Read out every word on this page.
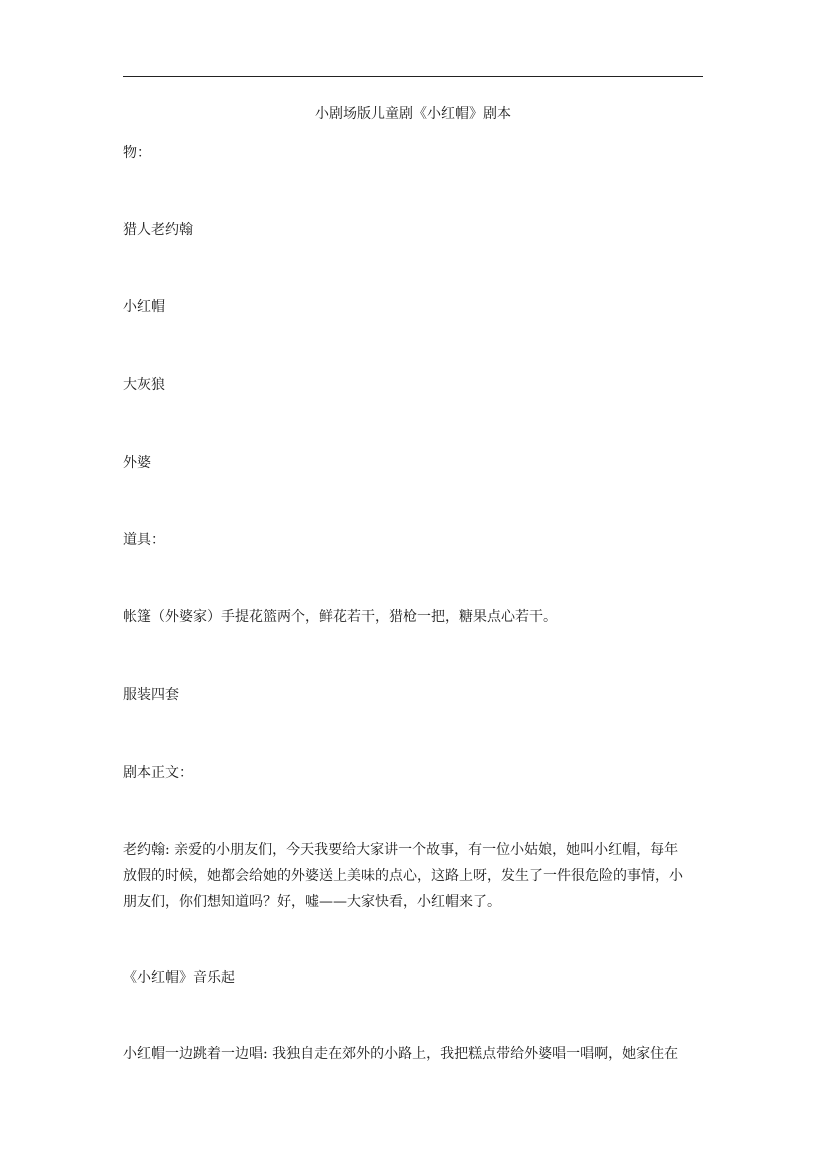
小剧场版儿童剧《小红帽》剧本
物：
猎人老约翰
小红帽
大灰狼
外婆
道具：
帐篷（外婆家）手提花篮两个，鲜花若干，猎枪一把，糖果点心若干。
服装四套
剧本正文：
老约翰: 亲爱的小朋友们，今天我要给大家讲一个故事，有一位小姑娘，她叫小红帽，每年
放假的时候，她都会给她的外婆送上美味的点心，这路上呀，发生了一件很危险的事情，小
朋友们，你们想知道吗？好，嘘——大家快看，小红帽来了。
《小红帽》音乐起
小红帽一边跳着一边唱: 我独自走在郊外的小路上，我把糕点带给外婆唱一唱啊，她家住在
